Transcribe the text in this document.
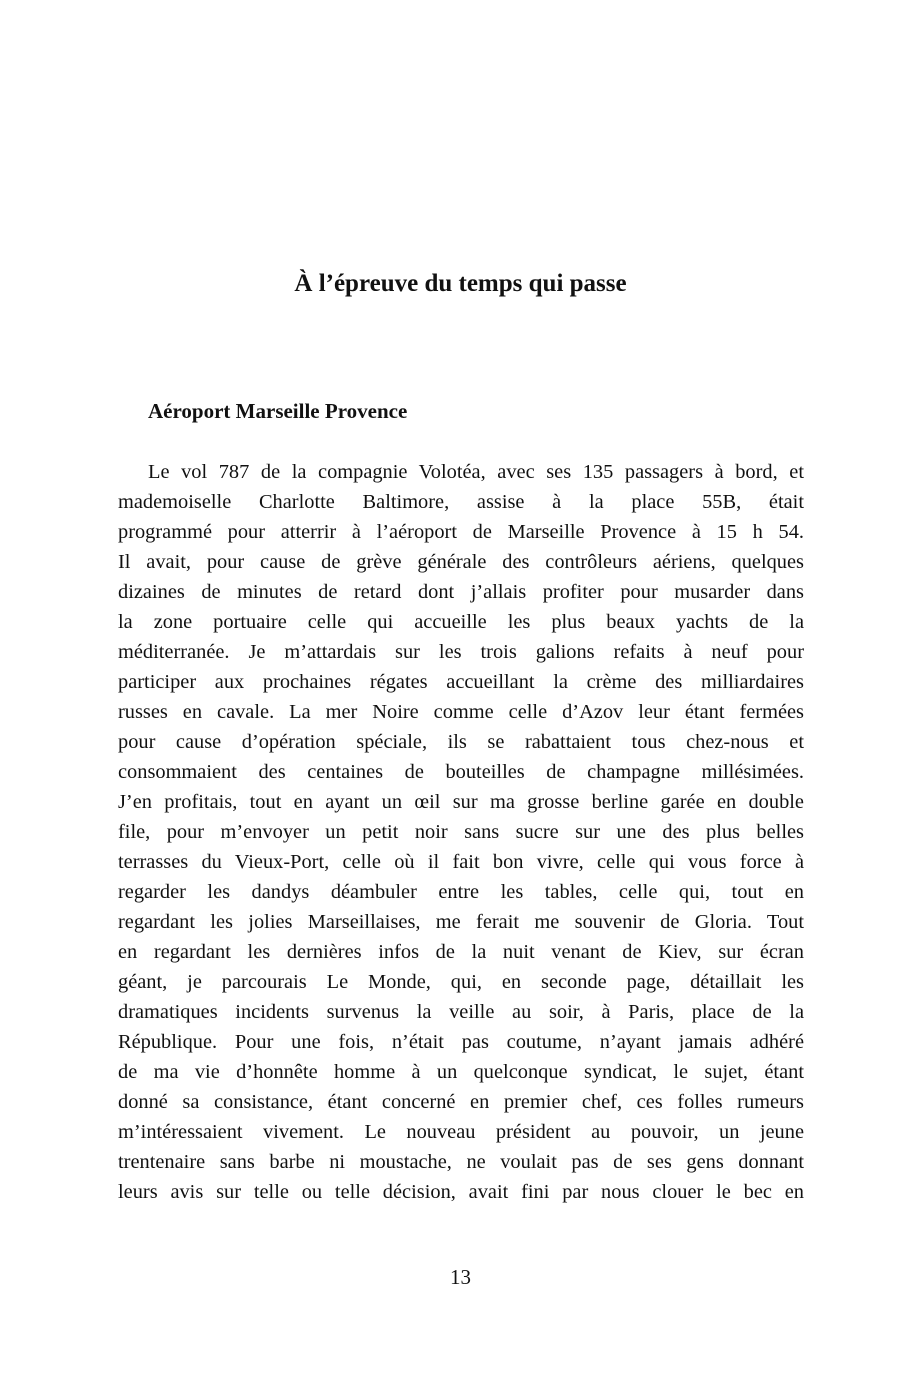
À l’épreuve du temps qui passe
Aéroport Marseille Provence
Le vol 787 de la compagnie Volotéa, avec ses 135 passagers à bord, et
mademoiselle Charlotte Baltimore, assise à la place 55B, était
programmé pour atterrir à l’aéroport de Marseille Provence à 15 h 54.
Il avait, pour cause de grève générale des contrôleurs aériens, quelques
dizaines de minutes de retard dont j’allais profiter pour musarder dans
la zone portuaire celle qui accueille les plus beaux yachts de la
méditerranée. Je m’attardais sur les trois galions refaits à neuf pour
participer aux prochaines régates accueillant la crème des milliardaires
russes en cavale. La mer Noire comme celle d’Azov leur étant fermées
pour cause d’opération spéciale, ils se rabattaient tous chez-nous et
consommaient des centaines de bouteilles de champagne millésimées.
J’en profitais, tout en ayant un œil sur ma grosse berline garée en double
file, pour m’envoyer un petit noir sans sucre sur une des plus belles
terrasses du Vieux-Port, celle où il fait bon vivre, celle qui vous force à
regarder les dandys déambuler entre les tables, celle qui, tout en
regardant les jolies Marseillaises, me ferait me souvenir de Gloria. Tout
en regardant les dernières infos de la nuit venant de Kiev, sur écran
géant, je parcourais Le Monde, qui, en seconde page, détaillait les
dramatiques incidents survenus la veille au soir, à Paris, place de la
République. Pour une fois, n’était pas coutume, n’ayant jamais adhéré
de ma vie d’honnête homme à un quelconque syndicat, le sujet, étant
donné sa consistance, étant concerné en premier chef, ces folles rumeurs
m’intéressaient vivement. Le nouveau président au pouvoir, un jeune
trentenaire sans barbe ni moustache, ne voulait pas de ses gens donnant
leurs avis sur telle ou telle décision, avait fini par nous clouer le bec en
13
